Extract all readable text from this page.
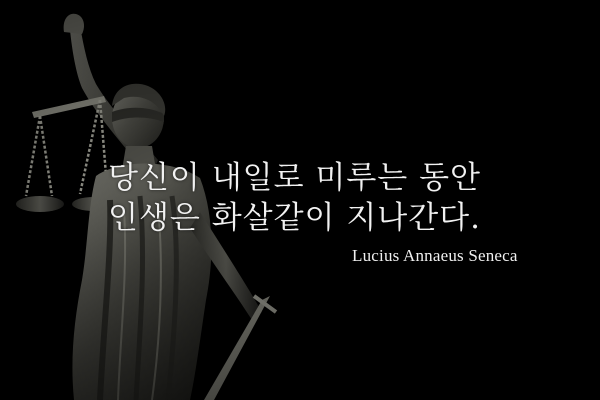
당신이 내일로 미루는 동안
인생은 화살같이 지나간다.
Lucius Annaeus Seneca
